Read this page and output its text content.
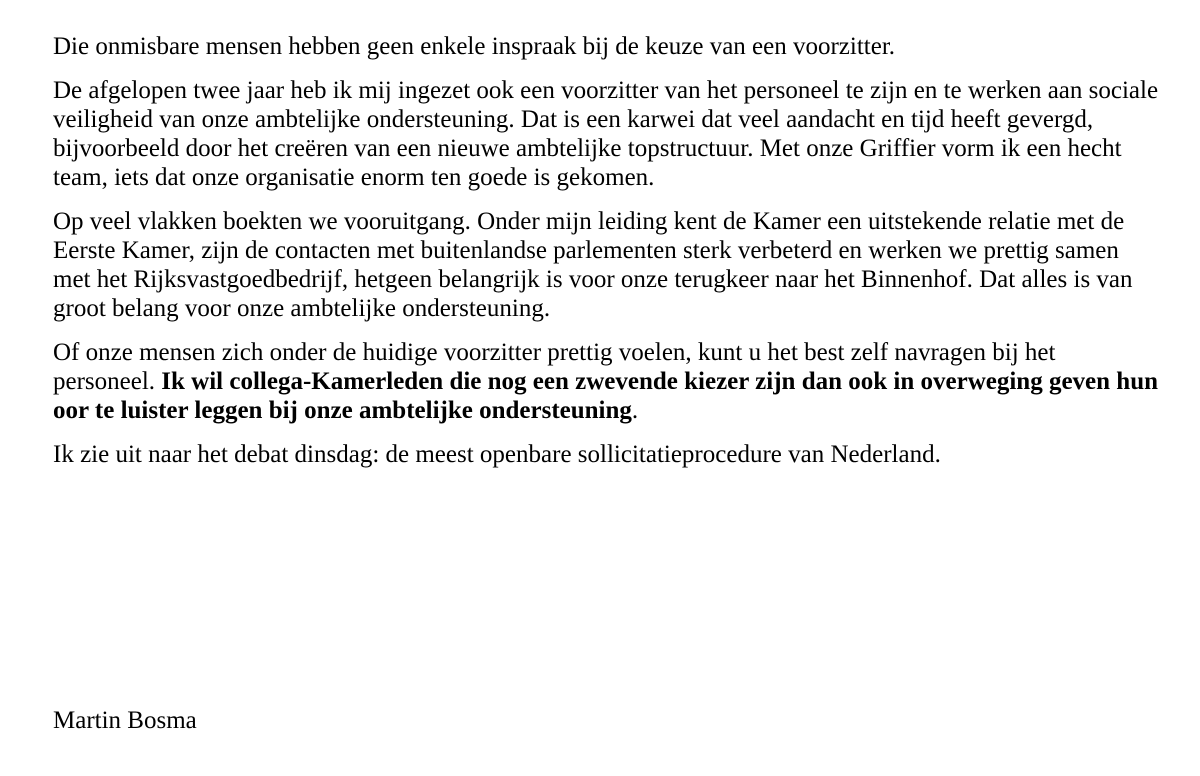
Die onmisbare mensen hebben geen enkele inspraak bij de keuze van een voorzitter.

De afgelopen twee jaar heb ik mij ingezet ook een voorzitter van het personeel te zijn en te werken aan sociale veiligheid van onze ambtelijke ondersteuning. Dat is een karwei dat veel aandacht en tijd heeft gevergd, bijvoorbeeld door het creëren van een nieuwe ambtelijke topstructuur. Met onze Griffier vorm ik een hecht team, iets dat onze organisatie enorm ten goede is gekomen.

Op veel vlakken boekten we vooruitgang. Onder mijn leiding kent de Kamer een uitstekende relatie met de Eerste Kamer, zijn de contacten met buitenlandse parlementen sterk verbeterd en werken we prettig samen met het Rijksvastgoedbedrijf, hetgeen belangrijk is voor onze terugkeer naar het Binnenhof. Dat alles is van groot belang voor onze ambtelijke ondersteuning.

Of onze mensen zich onder de huidige voorzitter prettig voelen, kunt u het best zelf navragen bij het personeel. Ik wil collega-Kamerleden die nog een zwevende kiezer zijn dan ook in overweging geven hun oor te luister leggen bij onze ambtelijke ondersteuning.

Ik zie uit naar het debat dinsdag: de meest openbare sollicitatieprocedure van Nederland.

Martin Bosma
